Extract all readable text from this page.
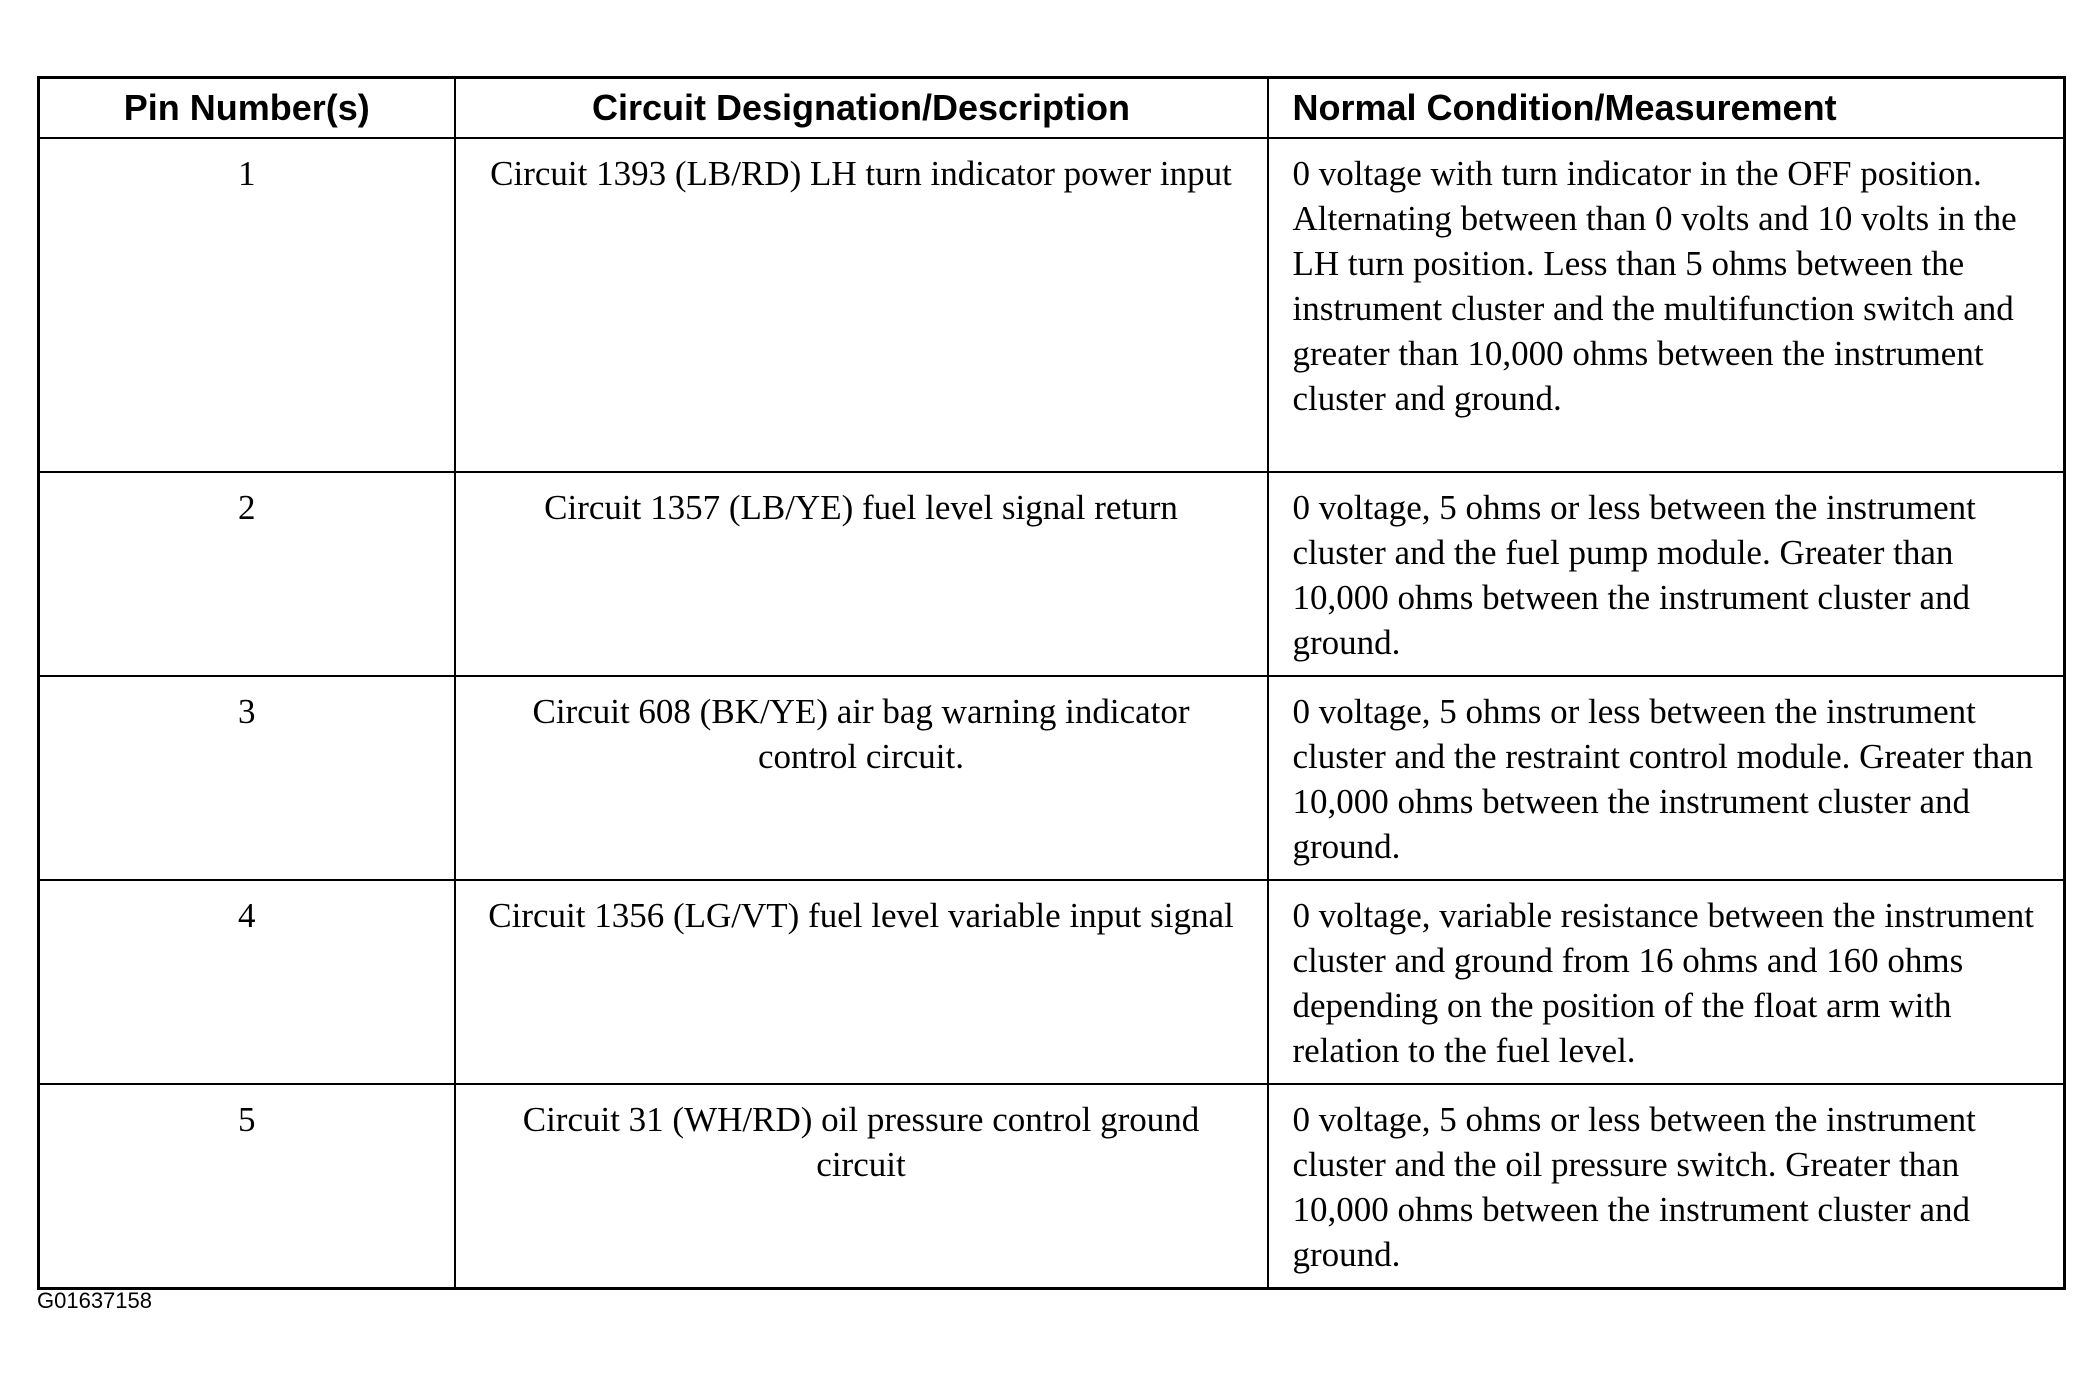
Pin Number(s)	Circuit Designation/Description	Normal Condition/Measurement
1	Circuit 1393 (LB/RD) LH turn indicator power input	0 voltage with turn indicator in the OFF position. Alternating between than 0 volts and 10 volts in the LH turn position. Less than 5 ohms between the instrument cluster and the multifunction switch and greater than 10,000 ohms between the instrument cluster and ground.
2	Circuit 1357 (LB/YE) fuel level signal return	0 voltage, 5 ohms or less between the instrument cluster and the fuel pump module. Greater than 10,000 ohms between the instrument cluster and ground.
3	Circuit 608 (BK/YE) air bag warning indicator control circuit.	0 voltage, 5 ohms or less between the instrument cluster and the restraint control module. Greater than 10,000 ohms between the instrument cluster and ground.
4	Circuit 1356 (LG/VT) fuel level variable input signal	0 voltage, variable resistance between the instrument cluster and ground from 16 ohms and 160 ohms depending on the position of the float arm with relation to the fuel level.
5	Circuit 31 (WH/RD) oil pressure control ground circuit	0 voltage, 5 ohms or less between the instrument cluster and the oil pressure switch. Greater than 10,000 ohms between the instrument cluster and ground.
G01637158
